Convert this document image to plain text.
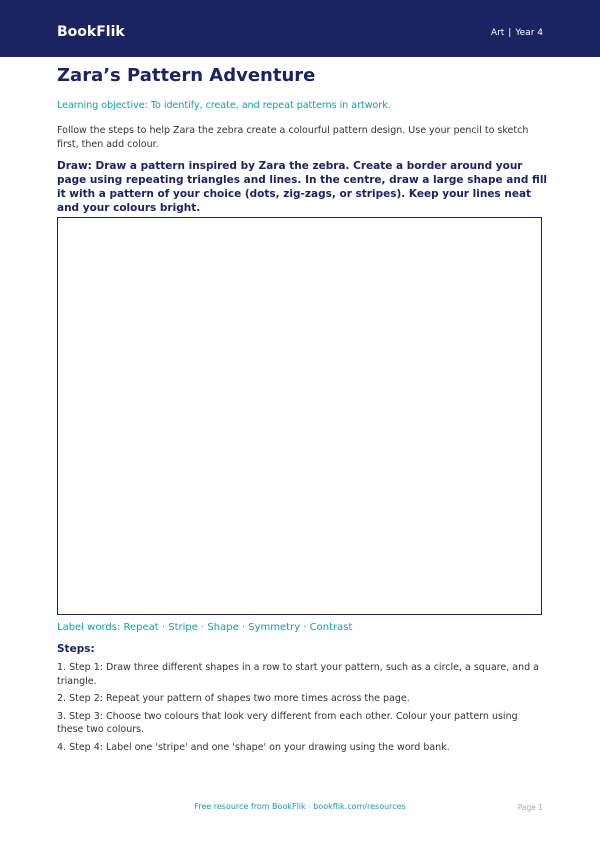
BookFlik	Art | Year 4
Zara’s Pattern Adventure
Learning objective: To identify, create, and repeat patterns in artwork.
Follow the steps to help Zara the zebra create a colourful pattern design. Use your pencil to sketch first, then add colour.
Draw: Draw a pattern inspired by Zara the zebra. Create a border around your page using repeating triangles and lines. In the centre, draw a large shape and fill it with a pattern of your choice (dots, zig-zags, or stripes). Keep your lines neat and your colours bright.
Label words: Repeat · Stripe · Shape · Symmetry · Contrast
Steps:
1. Step 1: Draw three different shapes in a row to start your pattern, such as a circle, a square, and a triangle.
2. Step 2: Repeat your pattern of shapes two more times across the page.
3. Step 3: Choose two colours that look very different from each other. Colour your pattern using these two colours.
4. Step 4: Label one 'stripe' and one 'shape' on your drawing using the word bank.
Free resource from BookFlik · bookflik.com/resources	Page 1
